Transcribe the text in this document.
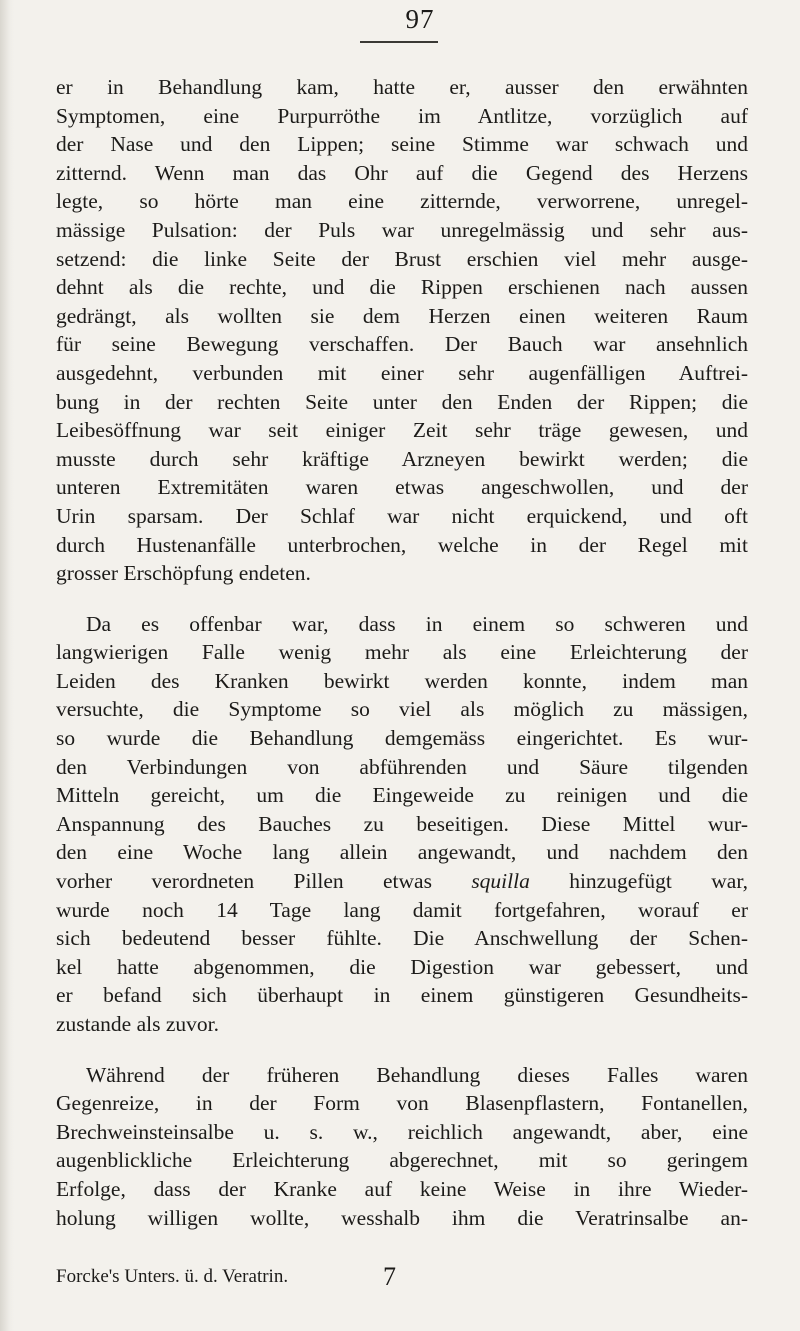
97
er in Behandlung kam, hatte er, ausser den erwähnten
Symptomen, eine Purpurröthe im Antlitze, vorzüglich auf
der Nase und den Lippen; seine Stimme war schwach und
zitternd. Wenn man das Ohr auf die Gegend des Herzens
legte, so hörte man eine zitternde, verworrene, unregel-
mässige Pulsation: der Puls war unregelmässig und sehr aus-
setzend: die linke Seite der Brust erschien viel mehr ausge-
dehnt als die rechte, und die Rippen erschienen nach aussen
gedrängt, als wollten sie dem Herzen einen weiteren Raum
für seine Bewegung verschaffen. Der Bauch war ansehnlich
ausgedehnt, verbunden mit einer sehr augenfälligen Auftrei-
bung in der rechten Seite unter den Enden der Rippen; die
Leibesöffnung war seit einiger Zeit sehr träge gewesen, und
musste durch sehr kräftige Arzneyen bewirkt werden; die
unteren Extremitäten waren etwas angeschwollen, und der
Urin sparsam. Der Schlaf war nicht erquickend, und oft
durch Hustenanfälle unterbrochen, welche in der Regel mit
grosser Erschöpfung endeten.
Da es offenbar war, dass in einem so schweren und
langwierigen Falle wenig mehr als eine Erleichterung der
Leiden des Kranken bewirkt werden konnte, indem man
versuchte, die Symptome so viel als möglich zu mässigen,
so wurde die Behandlung demgemäss eingerichtet. Es wur-
den Verbindungen von abführenden und Säure tilgenden
Mitteln gereicht, um die Eingeweide zu reinigen und die
Anspannung des Bauches zu beseitigen. Diese Mittel wur-
den eine Woche lang allein angewandt, und nachdem den
vorher verordneten Pillen etwas squilla hinzugefügt war,
wurde noch 14 Tage lang damit fortgefahren, worauf er
sich bedeutend besser fühlte. Die Anschwellung der Schen-
kel hatte abgenommen, die Digestion war gebessert, und
er befand sich überhaupt in einem günstigeren Gesundheits-
zustande als zuvor.
Während der früheren Behandlung dieses Falles waren
Gegenreize, in der Form von Blasenpflastern, Fontanellen,
Brechweinsteinsalbe u. s. w., reichlich angewandt, aber, eine
augenblickliche Erleichterung abgerechnet, mit so geringem
Erfolge, dass der Kranke auf keine Weise in ihre Wieder-
holung willigen wollte, wesshalb ihm die Veratrinsalbe an-
Forcke's Unters. ü. d. Veratrin.	7
